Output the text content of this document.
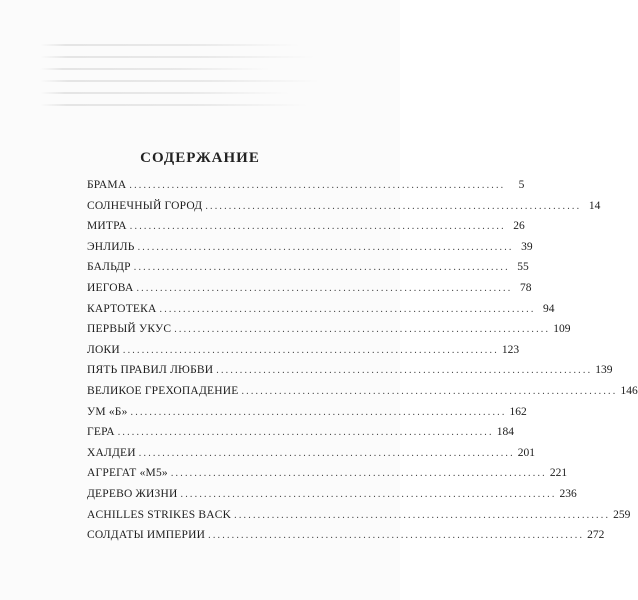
СОДЕРЖАНИЕ
БРАМА ................................................................................	5
СОЛНЕЧНЫЙ ГОРОД ................................................................................ 14
МИТРА ................................................................................ 26
ЭНЛИЛЬ ................................................................................ 39
БАЛЬДР ................................................................................ 55
ИЕГОВА ................................................................................ 78
КАРТОТЕКА ................................................................................ 94
ПЕРВЫЙ УКУС ................................................................................ 109
ЛОКИ ................................................................................ 123
ПЯТЬ ПРАВИЛ ЛЮБВИ ................................................................................ 139
ВЕЛИКОЕ ГРЕХОПАДЕНИЕ ................................................................................ 146
УМ «Б» ................................................................................ 162
ГЕРА ................................................................................ 184
ХАЛДЕИ ................................................................................ 201
АГРЕГАТ «М5» ................................................................................ 221
ДЕРЕВО ЖИЗНИ ................................................................................ 236
ACHILLES STRIKES BACK ................................................................................ 259
СОЛДАТЫ ИМПЕРИИ ................................................................................ 272
